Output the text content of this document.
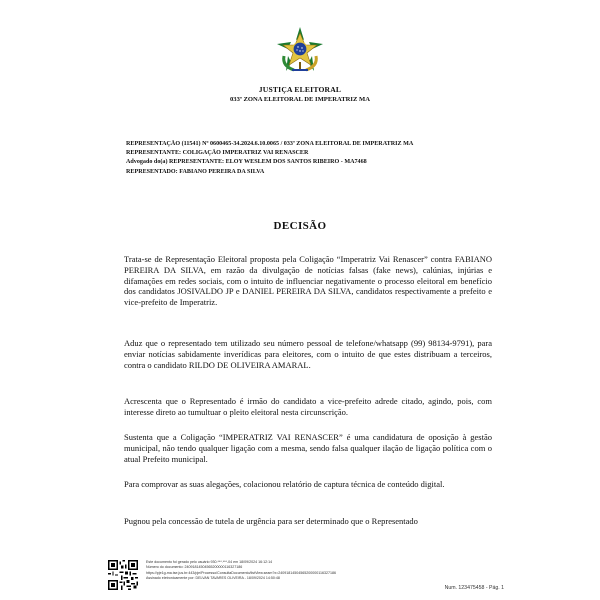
JUSTIÇA ELEITORAL
033ª ZONA ELEITORAL DE IMPERATRIZ MA
REPRESENTAÇÃO (11541) Nº 0600465-34.2024.6.10.0065 / 033ª ZONA ELEITORAL DE IMPERATRIZ MA
REPRESENTANTE: COLIGAÇÃO IMPERATRIZ VAI RENASCER
Advogado do(a) REPRESENTANTE: ELOY WESLEM DOS SANTOS RIBEIRO - MA7468
REPRESENTADO: FABIANO PEREIRA DA SILVA
DECISÃO

Trata-se de Representação Eleitoral proposta pela Coligação “Imperatriz Vai Renascer” contra FABIANO PEREIRA DA SILVA, em razão da divulgação de notícias falsas (fake news), calúnias, injúrias e difamações em redes sociais, com o intuito de influenciar negativamente o processo eleitoral em benefício dos candidatos JOSIVALDO JP e DANIEL PEREIRA DA SILVA, candidatos respectivamente a prefeito e vice-prefeito de Imperatriz.

Aduz que o representado tem utilizado seu número pessoal de telefone/whatsapp (99) 98134-9791), para enviar notícias sabidamente inverídicas para eleitores, com o intuito de que estes distribuam a terceiros, contra o candidato RILDO DE OLIVEIRA AMARAL.

Acrescenta que o Representado é irmão do candidato a vice-prefeito adrede citado, agindo, pois, com interesse direto ao tumultuar o pleito eleitoral nesta circunscrição.

Sustenta que a Coligação “IMPERATRIZ VAI RENASCER” é uma candidatura de oposição à gestão municipal, não tendo qualquer ligação com a mesma, sendo falsa qualquer ilação de ligação política com o atual Prefeito municipal.

Para comprovar as suas alegações, colacionou relatório de captura técnica de conteúdo digital.

Pugnou pela concessão de tutela de urgência para ser determinado que o Representado

Este documento foi gerado pelo usuário 930.***.***-04 em 18/09/2024 16:12:14
Número do documento: 24091814504565200000116327186
https://pje1g-ma.tse.jus.br:443/pje/Processo/ConsultaDocumento/listView.seam?x=24091814504565200000116327186
Assinado eletronicamente por: DELVAN TAVARES OLIVEIRA - 18/09/2024 14:50:48
Num. 123475458 - Pág. 1
